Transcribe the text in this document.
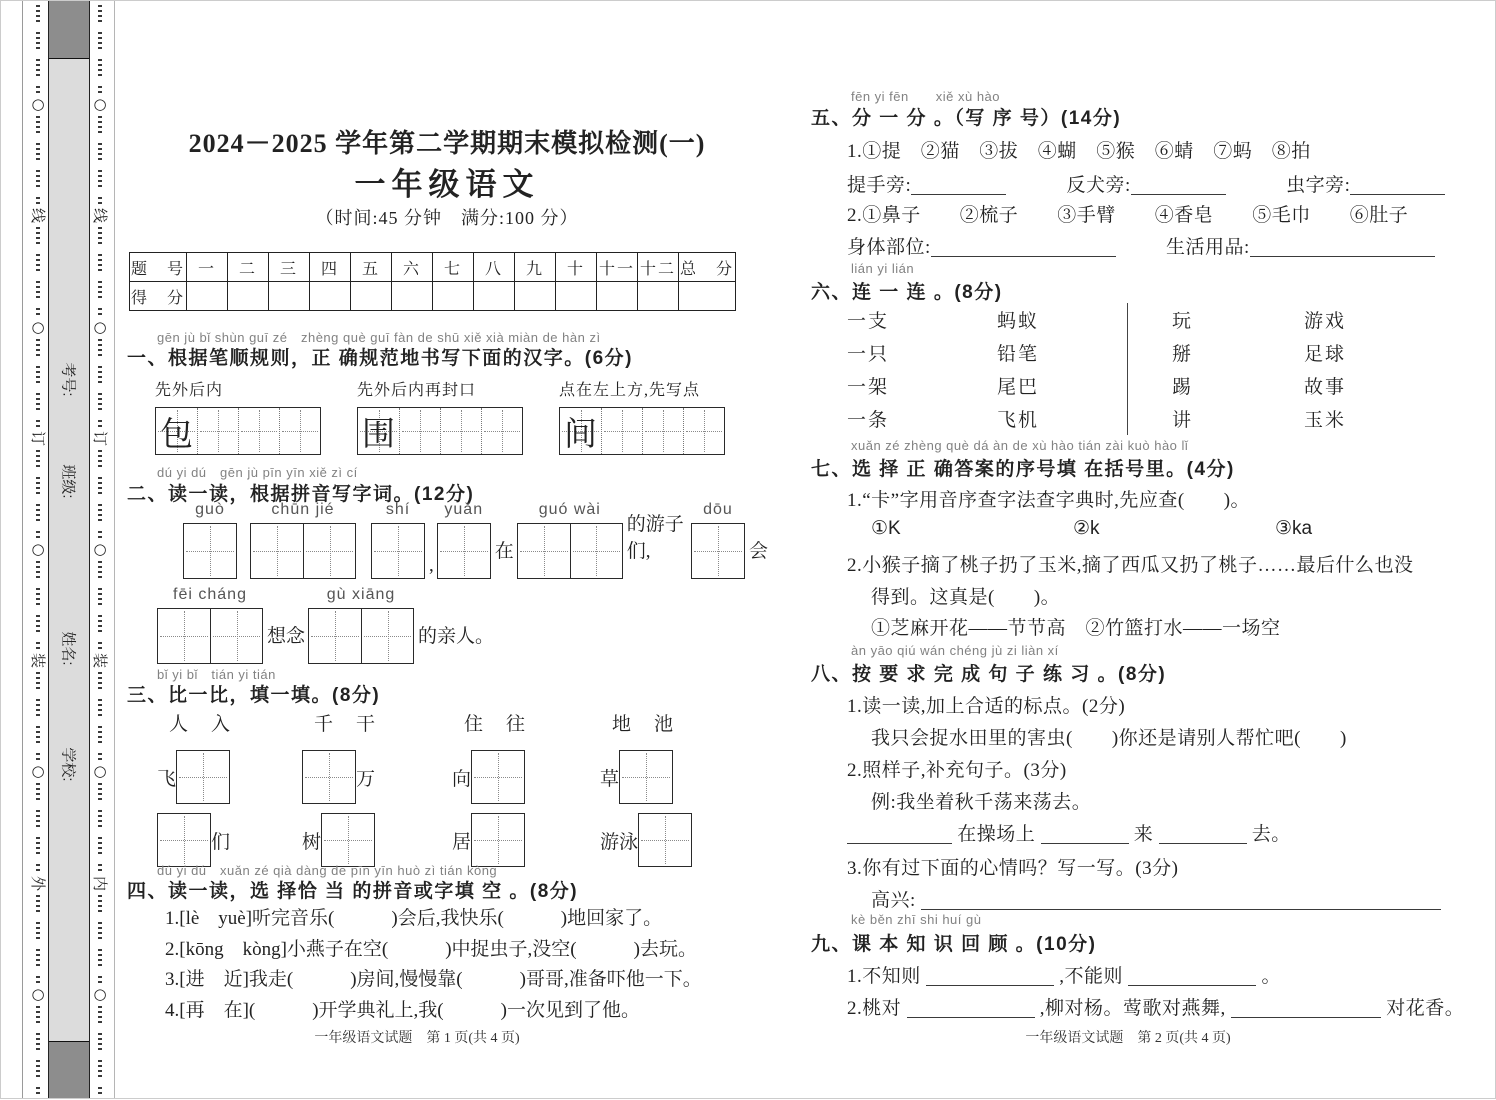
○
线
○
订
○
装
○
外
○
考号:
班级:
姓名:
学校:
○
线
○
订
○
装
○
内
○
2024－2025 学年第二学期期末模拟检测(一)
一年级语文
（时间:45 分钟　满分:100 分）
题　号	一	二	三	四	五	六	七	八	九	十	十一	十二	总　分
得　分													
gēn jù bǐ shùn guī zé　zhèng què guī fàn de shū xiě xià miàn de hàn zì
一、根据笔顺规则，正 确规范地书写下面的汉字。(6分)
先外后内
包
先外后内再封口
围
点在左上方,先写点
间
dú yi dú　gēn jù pīn yīn xiě zì cí
二、读一读，根据拼音写字词。(12分)
guò	chūn jié	shí
,
yuǎn
在
guó wài
的游子们,
dōu
会
fēi cháng
想念
gù xiāng
的亲人。
bǐ yi bǐ　tián yi tián
三、比一比，填一填。(8分)
人　入
飞
们
千　干
万
树
住　往
向
居
地　池
草
游泳
dú yi dú　xuǎn zé qià dàng de pīn yīn huò zì tián kòng
四、读一读，选 择恰 当 的拼音或字填 空 。(8分)
1.[lè　yuè]听完音乐(　　　)会后,我快乐(　　　)地回家了。
2.[kōng　kòng]小燕子在空(　　　)中捉虫子,没空(　　　)去玩。
3.[进　近]我走(　　　)房间,慢慢靠(　　　)哥哥,准备吓他一下。
4.[再　在](　　　)开学典礼上,我(　　　)一次见到了他。
一年级语文试题　第 1 页(共 4 页)
fēn yi fēn　　xiě xù hào
五、分 一 分 。（写 序 号）(14分)
1.①提　②猫　③拔　④蝴　⑤猴　⑥蜻　⑦蚂　⑧拍
提手旁:	反犬旁:	虫字旁:
2.①鼻子　　②梳子　　③手臂　　④香皂　　⑤毛巾　　⑥肚子
身体部位:	生活用品:
lián yi lián
六、连 一 连 。(8分)
一支	蚂蚁
一只	铅笔
一架	尾巴
一条	飞机
玩	游戏
掰	足球
踢	故事
讲	玉米
xuǎn zé zhèng què dá àn de xù hào tián zài kuò hào lǐ
七、选 择 正 确答案的序号填 在括号里。(4分)
1.“卡”字用音序查字法查字典时,先应查(　　)。
①K	②k	③ka
2.小猴子摘了桃子扔了玉米,摘了西瓜又扔了桃子……最后什么也没
得到。这真是(　　)。
①芝麻开花——节节高　②竹篮打水——一场空
àn yāo qiú wán chéng jù zi liàn xí
八、按 要 求 完 成 句 子 练 习 。(8分)
1.读一读,加上合适的标点。(2分)
我只会捉水田里的害虫(　　)你还是请别人帮忙吧(　　)
2.照样子,补充句子。(3分)
例:我坐着秋千荡来荡去。
在操场上	来	去。
3.你有过下面的心情吗？写一写。(3分)
高兴:
kè běn zhī shi huí gù
九、课 本 知 识 回 顾 。(10分)
1.不知则	,不能则	。
2.桃对	,柳对杨。莺歌对燕舞,	对花香。
一年级语文试题　第 2 页(共 4 页)
